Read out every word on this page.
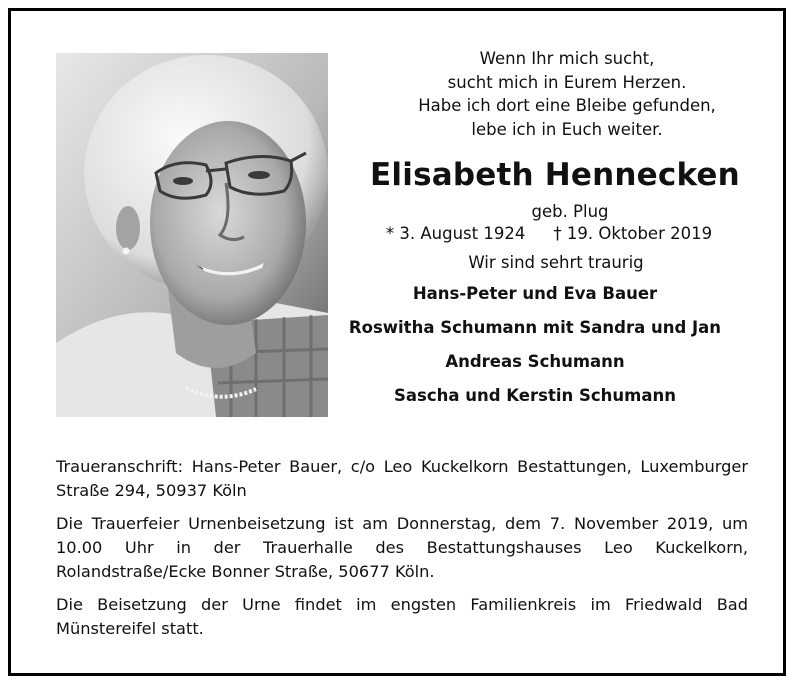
Wenn Ihr mich sucht,
sucht mich in Eurem Herzen.
Habe ich dort eine Bleibe gefunden,
lebe ich in Euch weiter.
Elisabeth Hennecken
geb. Plug
* 3. August 1924 † 19. Oktober 2019
Wir sind sehrt traurig
Hans-Peter und Eva Bauer
Roswitha Schumann mit Sandra und Jan
Andreas Schumann
Sascha und Kerstin Schumann

Traueranschrift: Hans-Peter Bauer, c/o Leo Kuckelkorn Bestattungen, Luxemburger Straße 294, 50937 Köln

Die Trauerfeier Urnenbeisetzung ist am Donnerstag, dem 7. November 2019, um 10.00 Uhr in der Trauerhalle des Bestattungshauses Leo Kuckelkorn, Rolandstraße/Ecke Bonner Straße, 50677 Köln.

Die Beisetzung der Urne findet im engsten Familienkreis im Friedwald Bad Münstereifel statt.
